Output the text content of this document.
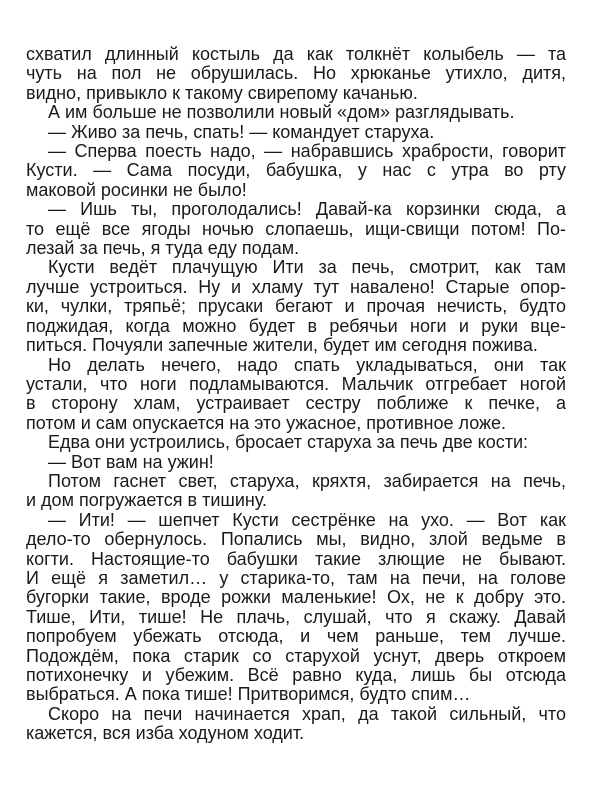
схватил длинный костыль да как толкнёт колыбель — та
чуть на пол не обрушилась. Но хрюканье утихло, дитя,
видно, привыкло к такому свирепому качанью.
А им больше не позволили новый «дом» разглядывать.
— Живо за печь, спать! — командует старуха.
— Сперва поесть надо, — набравшись храбрости, говорит
Кусти. — Сама посуди, бабушка, у нас с утра во рту
маковой росинки не было!
— Ишь ты, проголодались! Давай-ка корзинки сюда, а
то ещё все ягоды ночью слопаешь, ищи-свищи потом! По-
лезай за печь, я туда еду подам.
Кусти ведёт плачущую Ити за печь, смотрит, как там
лучше устроиться. Ну и хламу тут навалено! Старые опор-
ки, чулки, тряпьё; прусаки бегают и прочая нечисть, будто
поджидая, когда можно будет в ребячьи ноги и руки вце-
питься. Почуяли запечные жители, будет им сегодня пожива.
Но делать нечего, надо спать укладываться, они так
устали, что ноги подламываются. Мальчик отгребает ногой
в сторону хлам, устраивает сестру поближе к печке, а
потом и сам опускается на это ужасное, противное ложе.
Едва они устроились, бросает старуха за печь две кости:
— Вот вам на ужин!
Потом гаснет свет, старуха, кряхтя, забирается на печь,
и дом погружается в тишину.
— Ити! — шепчет Кусти сестрёнке на ухо. — Вот как
дело-то обернулось. Попались мы, видно, злой ведьме в
когти. Настоящие-то бабушки такие злющие не бывают.
И ещё я заметил… у старика-то, там на печи, на голове
бугорки такие, вроде рожки маленькие! Ох, не к добру это.
Тише, Ити, тише! Не плачь, слушай, что я скажу. Давай
попробуем убежать отсюда, и чем раньше, тем лучше.
Подождём, пока старик со старухой уснут, дверь откроем
потихонечку и убежим. Всё равно куда, лишь бы отсюда
выбраться. А пока тише! Притворимся, будто спим…
Скоро на печи начинается храп, да такой сильный, что
кажется, вся изба ходуном ходит.
